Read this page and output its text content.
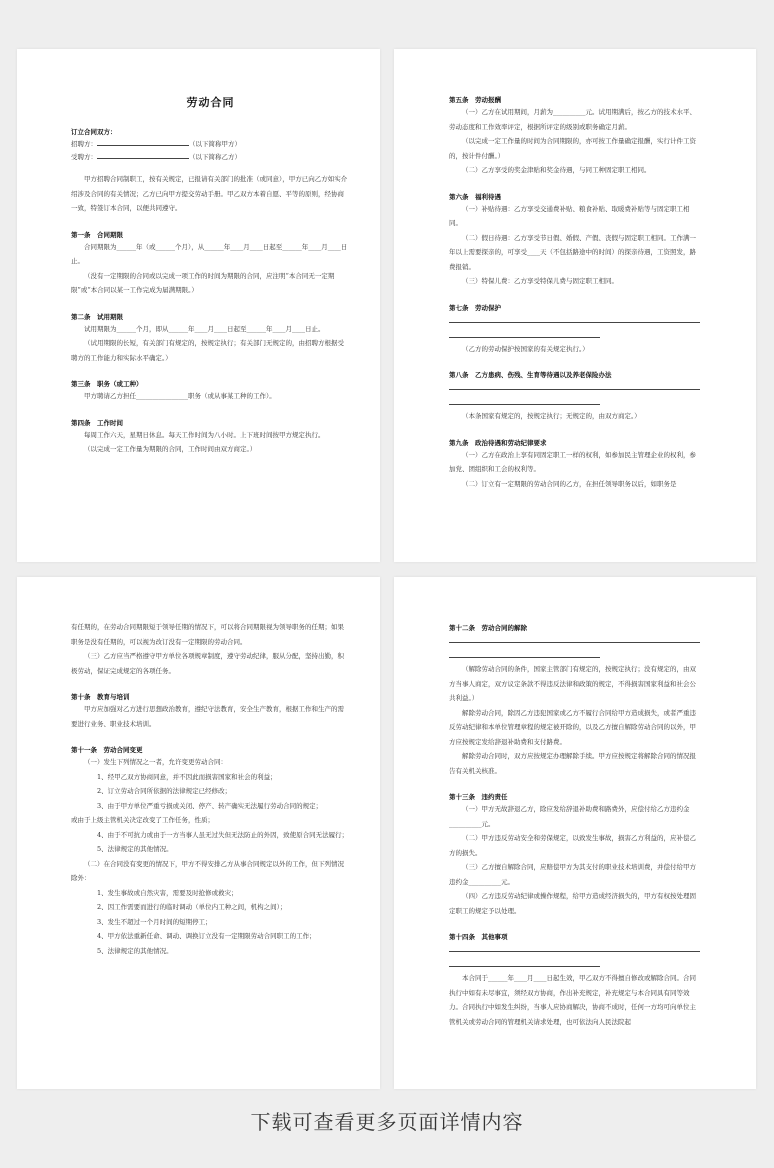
劳动合同

订立合同双方：

招聘方：	（以下简称甲方）

受聘方：	（以下简称乙方）

甲方招聘合同制职工，按有关规定，已报请有关部门的批准（或同意），甲方已向乙方如实介绍涉及合同的有关情况；乙方已向甲方提交劳动手册。甲乙双方本着自愿、平等的原则，经协商一致，特签订本合同，以便共同遵守。

第一条　合同期限

合同期限为______年（或______个月），从______年____月____日起至______年____月____日止。

（没有一定期限的合同或以完成一项工作的时间为期限的合同，应注明“本合同无一定期限”或“本合同以某一工作完成为届满期限。）

第二条　试用期限

试用期限为______个月，即从______年____月____日起至______年____月____日止。

（试用期限的长短，有关部门有规定的，按规定执行；有关部门无规定的，由招聘方根据受聘方的工作能力和实际水平确定。）

第三条　职务（或工种）

甲方聘请乙方担任________________职务（或从事某工种的工作）。

第四条　工作时间

每周工作六天，星期日休息。每天工作时间为八小时。上下班时间按甲方规定执行。

（以完成一定工作量为期限的合同，工作时间由双方商定。）

第五条　劳动报酬

（一）乙方在试用期间，月薪为__________元。试用期满后，按乙方的技术水平、劳动态度和工作效率评定，根据所评定的级别或职务确定月薪。

（以完成一定工作量的时间为合同期限的，亦可按工作量确定报酬，实行计件工资的，按计件付酬。）

（二）乙方享受的奖金津贴和奖金待遇，与同工种固定职工相同。

第六条　福利待遇

（一）补贴待遇：乙方享受交通费补贴、粮食补贴、取暖费补贴等与固定职工相同。

（二）假日待遇：乙方享受节日假、婚假、产假、丧假与固定职工相同。工作满一年以上需要探亲的，可享受____天（不包括路途中的时间）的探亲待遇，工资照发，路费报销。

（三）特保儿费：乙方享受特保儿费与固定职工相同。

第七条　劳动保护

（乙方的劳动保护按国家的有关规定执行。）

第八条　乙方患病、伤残、生育等待遇以及养老保险办法

（本条国家有规定的，按规定执行；无规定的，由双方商定。）

第九条　政治待遇和劳动纪律要求

（一）乙方在政治上享有同固定职工一样的权利，如参加民主管理企业的权利，参加党、团组织和工会的权利等。

（二）订立有一定期限的劳动合同的乙方，在担任领导职务以后，如职务是

有任期的，在劳动合同期限短于领导任期的情况下，可以将合同期限视为领导职务的任期；如果职务是没有任期的，可以视为改订没有一定期限的劳动合同。

（三）乙方应当严格遵守甲方单位各项规章制度，遵守劳动纪律，服从分配，坚持出勤，积极劳动，保证完成规定的各项任务。

第十条　教育与培训

甲方应加强对乙方进行思想政治教育，遵纪守法教育，安全生产教育，根据工作和生产的需要进行业务、职业技术培训。

第十一条　劳动合同变更

（一）发生下列情况之一者，允许变更劳动合同：

1、经甲乙双方协商同意，并不因此而损害国家和社会的利益；

2、订立劳动合同所依据的法律规定已经修改；

3、由于甲方单位严重亏损或关闭、停产、转产确实无法履行劳动合同的规定；

或由于上级主管机关决定改变了工作任务，性质；

4、由于不可抗力或由于一方当事人虽无过失但无法防止的外因，致使原合同无法履行；

5、法律规定的其他情况。

（二）在合同没有变更的情况下，甲方不得安排乙方从事合同规定以外的工作，但下列情况除外：

1、发生事故或自然灾害，需要及时抢修或救灾；

2、因工作需要而进行的临时调动（单位内工种之间，机构之间）；

3、发生不超过一个月时间的短期停工；

4、甲方依法重新任命、调动、调换订立没有一定期限劳动合同职工的工作；

5、法律规定的其他情况。

第十二条　劳动合同的解除

（解除劳动合同的条件，国家主管部门有规定的，按规定执行；没有规定的，由双方当事人商定，双方议定条款不得违反法律和政策的规定，不得损害国家利益和社会公共利益。）

解除劳动合同，除因乙方违犯国家或乙方不履行合同给甲方造成损失，或者严重违反劳动纪律和本单位管理章程的规定被开除的，以及乙方擅自解除劳动合同的以外，甲方应按规定发给辞退补助费和支付路费。

解除劳动合同时，双方应按规定办理解除手续。甲方应按规定将解除合同的情况报告有关机关核准。

第十三条　违约责任

（一）甲方无故辞退乙方，除应发给辞退补助费和路费外，应偿付给乙方违约金__________元。

（二）甲方违反劳动安全和劳保规定，以致发生事故，损害乙方利益的，应补偿乙方的损失。

（三）乙方擅自解除合同，应赔偿甲方为其支付的职业技术培训费，并偿付给甲方违约金__________元。

（四）乙方违反劳动纪律或操作规程，给甲方造成经济损失的，甲方有权按处理固定职工的规定予以处理。

第十四条　其他事项

本合同于______年____月____日起生效，甲乙双方不得擅自修改或解除合同。合同执行中如有未尽事宜，须经双方协商，作出补充规定，补充规定与本合同具有同等效力。合同执行中如发生纠纷，当事人应协商解决，协商不成时，任何一方均可向单位主管机关或劳动合同的管理机关请求处理，也可依法向人民法院起

下载可查看更多页面详情内容
